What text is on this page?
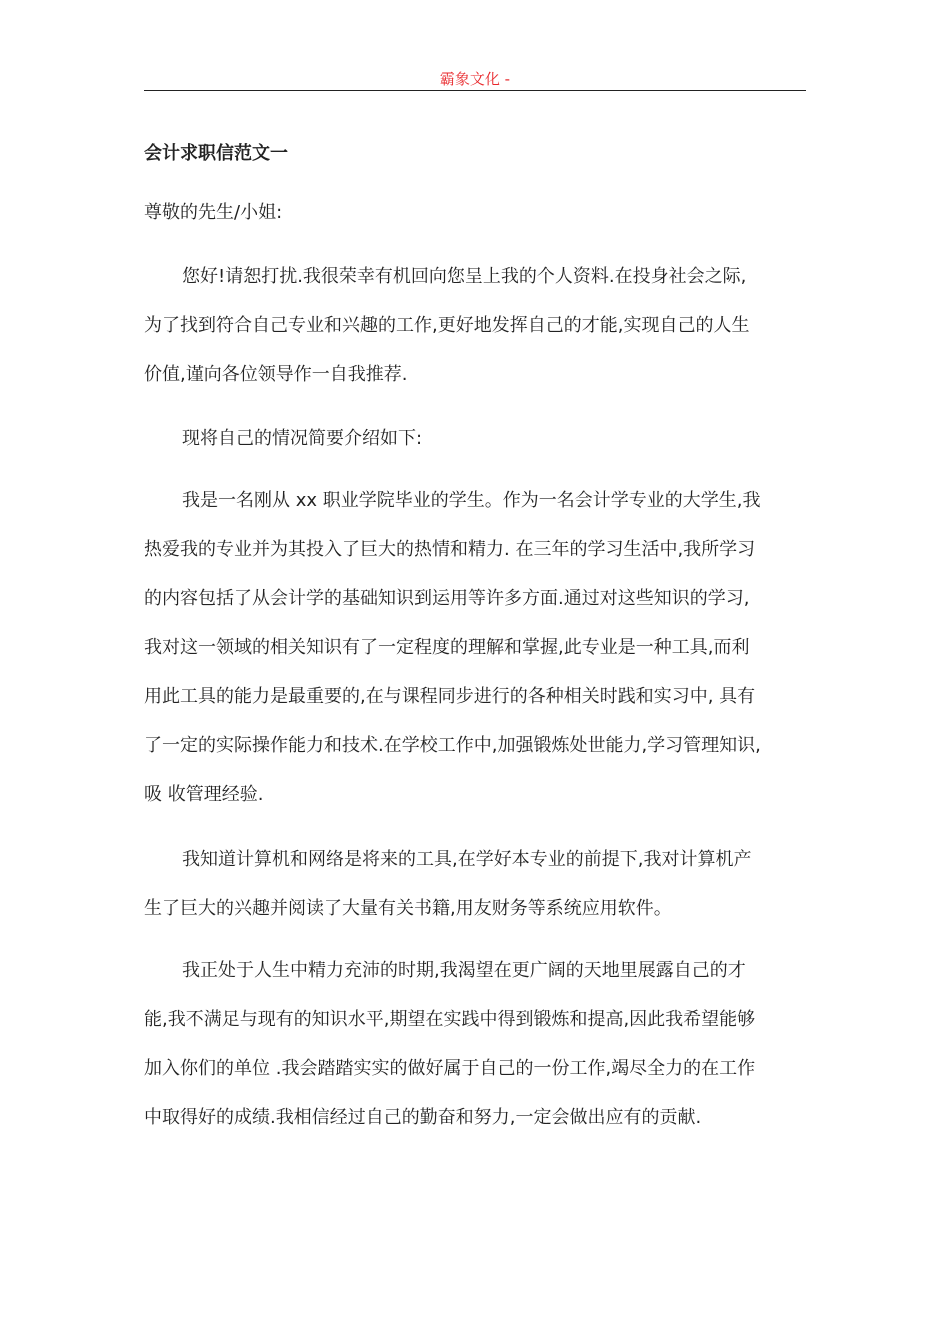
霸象文化 -
会计求职信范文一

尊敬的先生/小姐:

您好!请恕打扰.我很荣幸有机回向您呈上我的个人资料.在投身社会之际,
为了找到符合自己专业和兴趣的工作,更好地发挥自己的才能,实现自己的人生
价值,谨向各位领导作一自我推荐.

现将自己的情况简要介绍如下:

我是一名刚从 xx 职业学院毕业的学生。作为一名会计学专业的大学生,我
热爱我的专业并为其投入了巨大的热情和精力. 在三年的学习生活中,我所学习
的内容包括了从会计学的基础知识到运用等许多方面.通过对这些知识的学习,
我对这一领域的相关知识有了一定程度的理解和掌握,此专业是一种工具,而利
用此工具的能力是最重要的,在与课程同步进行的各种相关时践和实习中, 具有
了一定的实际操作能力和技术.在学校工作中,加强锻炼处世能力,学习管理知识,
吸 收管理经验.

我知道计算机和网络是将来的工具,在学好本专业的前提下,我对计算机产
生了巨大的兴趣并阅读了大量有关书籍,用友财务等系统应用软件。

我正处于人生中精力充沛的时期,我渴望在更广阔的天地里展露自己的才
能,我不满足与现有的知识水平,期望在实践中得到锻炼和提高,因此我希望能够
加入你们的单位 .我会踏踏实实的做好属于自己的一份工作,竭尽全力的在工作
中取得好的成绩.我相信经过自己的勤奋和努力,一定会做出应有的贡献.
